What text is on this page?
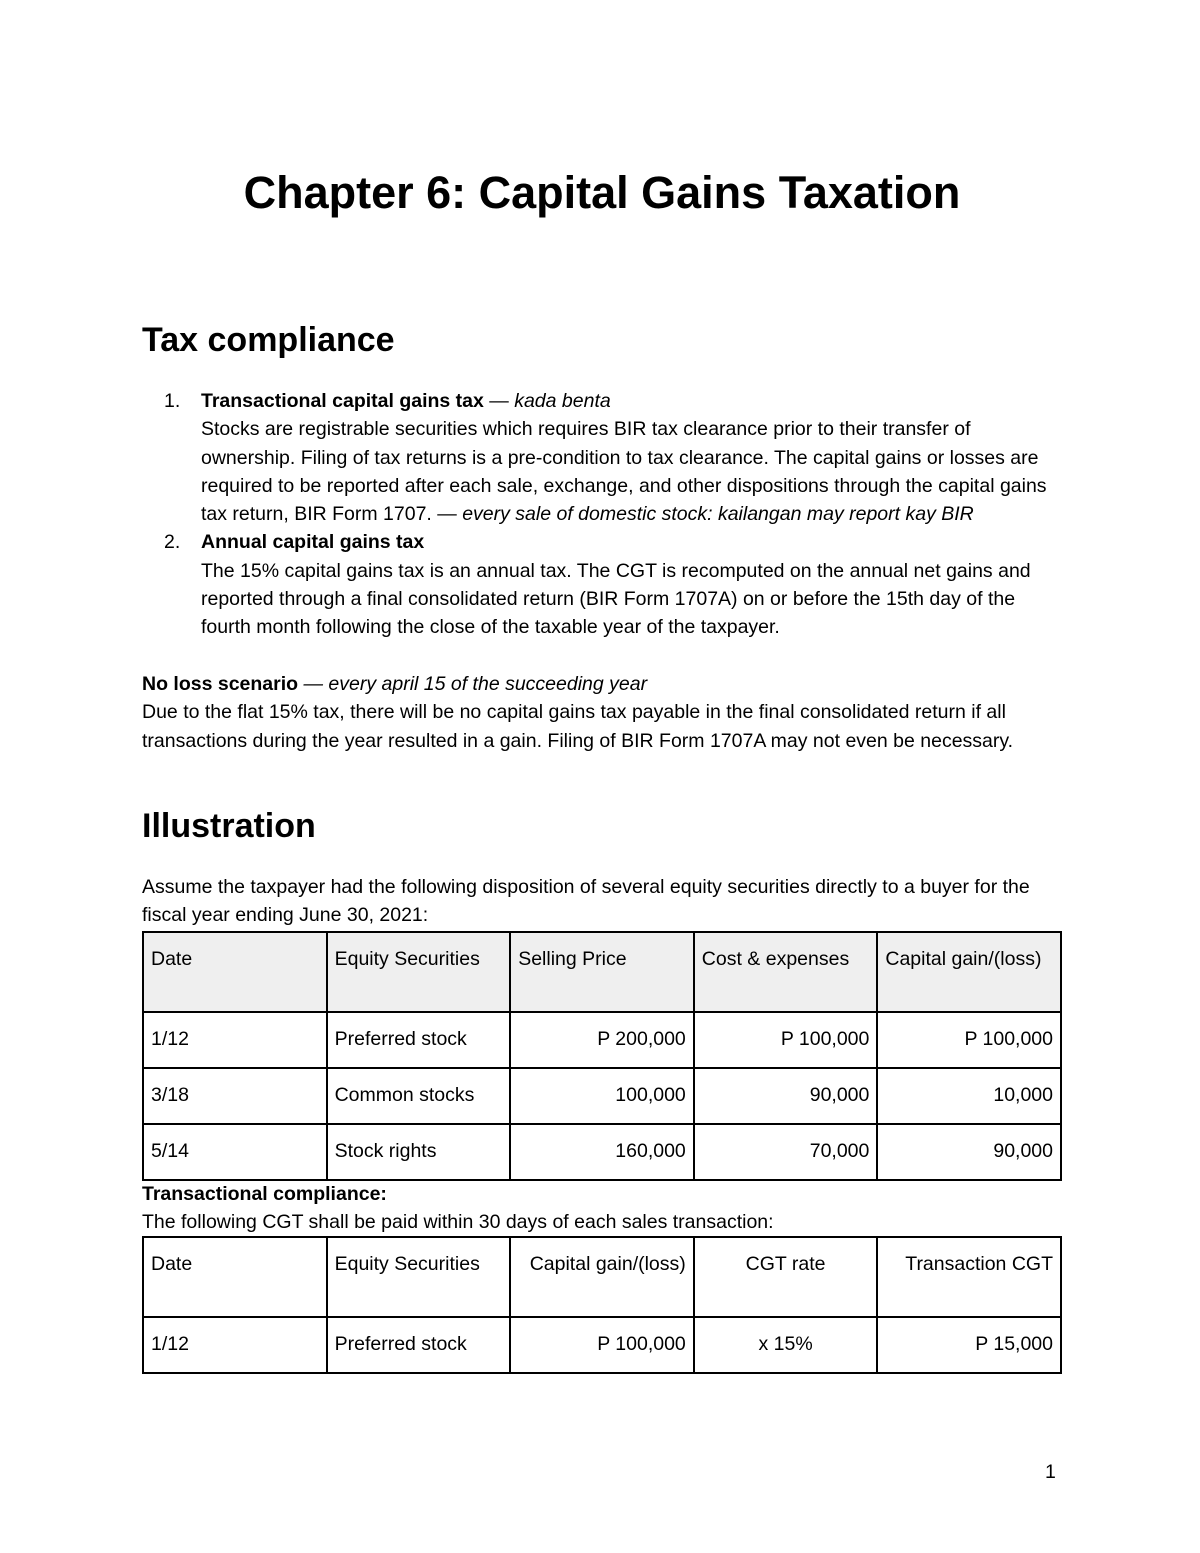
Chapter 6: Capital Gains Taxation
Tax compliance
1. Transactional capital gains tax — kada benta
Stocks are registrable securities which requires BIR tax clearance prior to their transfer of ownership. Filing of tax returns is a pre-condition to tax clearance. The capital gains or losses are required to be reported after each sale, exchange, and other dispositions through the capital gains tax return, BIR Form 1707. — every sale of domestic stock: kailangan may report kay BIR
2. Annual capital gains tax
The 15% capital gains tax is an annual tax. The CGT is recomputed on the annual net gains and reported through a final consolidated return (BIR Form 1707A) on or before the 15th day of the fourth month following the close of the taxable year of the taxpayer.
No loss scenario — every april 15 of the succeeding year
Due to the flat 15% tax, there will be no capital gains tax payable in the final consolidated return if all transactions during the year resulted in a gain. Filing of BIR Form 1707A may not even be necessary.
Illustration
Assume the taxpayer had the following disposition of several equity securities directly to a buyer for the fiscal year ending June 30, 2021:
Date	Equity Securities	Selling Price	Cost & expenses	Capital gain/(loss)
1/12	Preferred stock	P 200,000	P 100,000	P 100,000
3/18	Common stocks	100,000	90,000	10,000
5/14	Stock rights	160,000	70,000	90,000
Transactional compliance:
The following CGT shall be paid within 30 days of each sales transaction:
Date	Equity Securities	Capital gain/(loss)	CGT rate	Transaction CGT
1/12	Preferred stock	P 100,000	x 15%	P 15,000
1
